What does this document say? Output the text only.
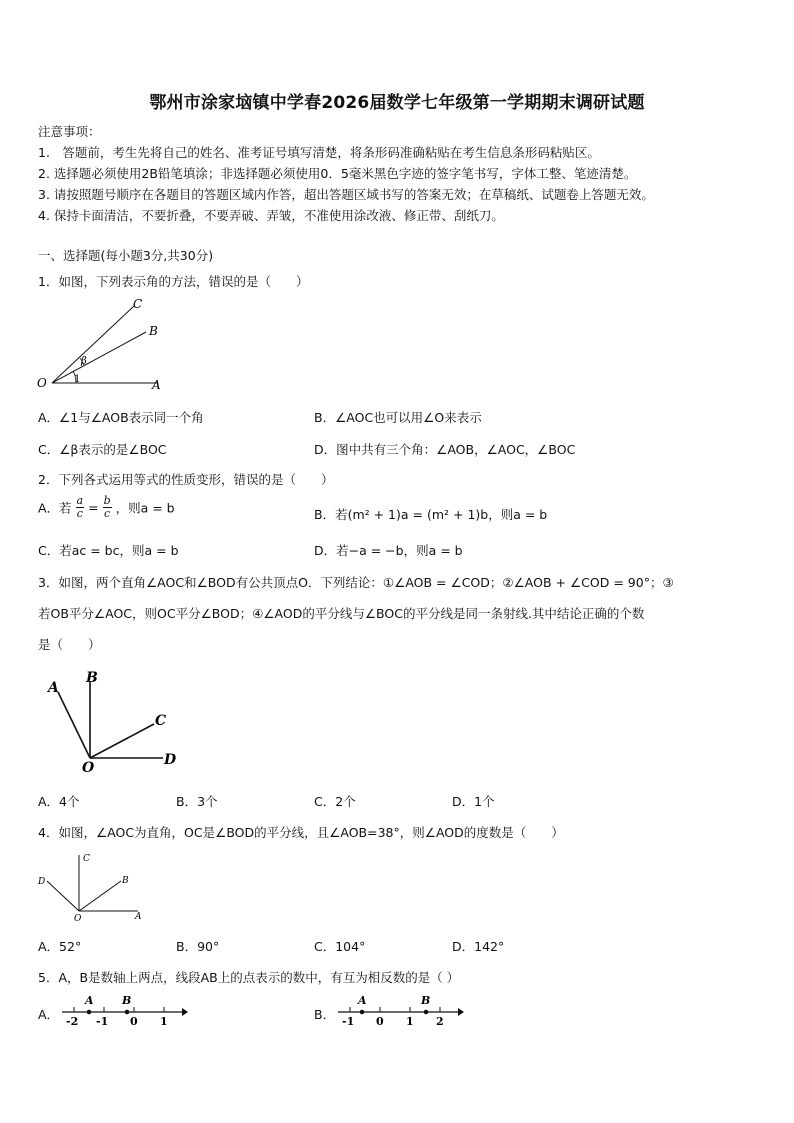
鄂州市涂家垴镇中学春2026届数学七年级第一学期期末调研试题
注意事项：
1.　答题前，考生先将自己的姓名、准考证号填写清楚，将条形码准确粘贴在考生信息条形码粘贴区。
2. 选择题必须使用2B铅笔填涂；非选择题必须使用0．5毫米黑色字迹的签字笔书写，字体工整、笔迹清楚。
3. 请按照题号顺序在各题目的答题区域内作答，超出答题区域书写的答案无效；在草稿纸、试题卷上答题无效。
4. 保持卡面清洁，不要折叠，不要弄破、弄皱，不准使用涂改液、修正带、刮纸刀。
一、选择题(每小题3分,共30分)
1．如图，下列表示角的方法，错误的是（　　）
C
B
O	A
β
1
A．∠1与∠AOB表示同一个角	B．∠AOC也可以用∠O来表示
C．∠β表示的是∠BOC	D．图中共有三个角：∠AOB，∠AOC，∠BOC
2．下列各式运用等式的性质变形，错误的是（　　）
A．若 $\frac{a}{c} = \frac{b}{c}$ ，则a = b	B．若(m² + 1)a = (m² + 1)b，则a = b
C．若ac = bc，则a = b	D．若−a = −b，则a = b
3．如图，两个直角∠AOC和∠BOD有公共顶点O．下列结论：①∠AOB = ∠COD；②∠AOB + ∠COD = 90°；③
若OB平分∠AOC，则OC平分∠BOD；④∠AOD的平分线与∠BOC的平分线是同一条射线.其中结论正确的个数
是（　　）
A
B
C
D
O
A．4个	B．3个	C．2个	D．1个
4．如图，∠AOC为直角，OC是∠BOD的平分线，且∠AOB=38°，则∠AOD的度数是（　　）
C
D	B
O	A
A．52°	B．90°	C．104°	D．142°
5．A，B是数轴上两点，线段AB上的点表示的数中，有互为相反数的是（ ）
A．
A	B
-2 -1 0 1	B．
A	B
-1 0 1 2
